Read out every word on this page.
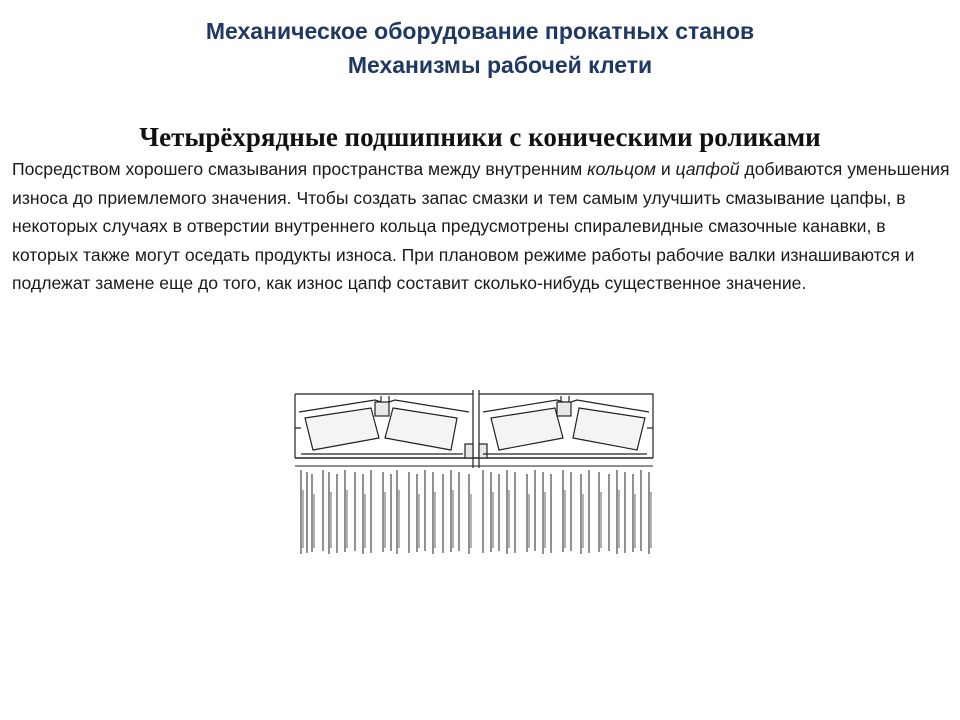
Механическое оборудование прокатных станов
Механизмы рабочей клети
Четырёхрядные подшипники с коническими роликами
Посредством хорошего смазывания пространства между внутренним кольцом и цапфой добиваются уменьшения износа до приемлемого значения. Чтобы создать запас смазки и тем самым улучшить смазывание цапфы, в некоторых случаях в отверстии внутреннего кольца предусмотрены спиралевидные смазочные канавки, в которых также могут оседать продукты износа. При плановом режиме работы рабочие валки изнашиваются и подлежат замене еще до того, как износ цапф составит сколько-нибудь существенное значение.
